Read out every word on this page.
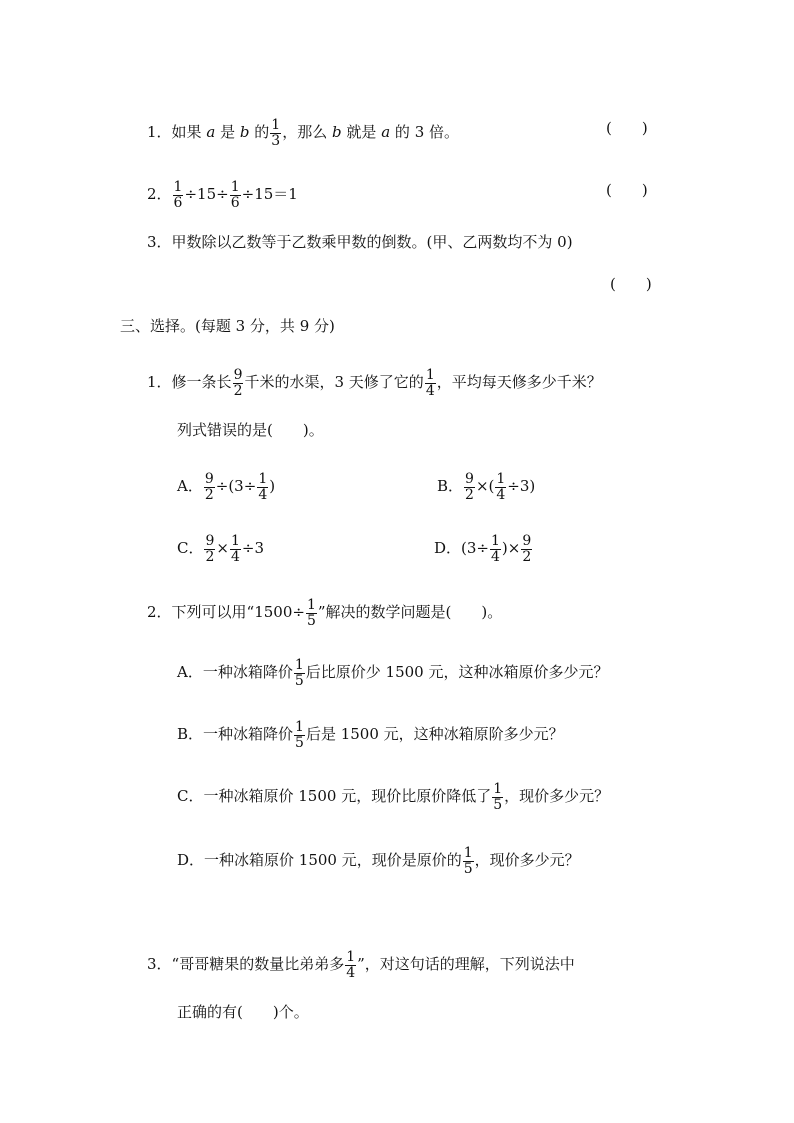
1．如果 a 是 b 的 $\frac{1}{3}$ ，那么 b 就是 a 的 3 倍。	(　　)
2． $\frac{1}{6} \div 15\div \frac{1}{6} \div 15=1$	(　　)
3．甲数除以乙数等于乙数乘甲数的倒数。(甲、乙两数均不为 0)
(　　)
三、选择。(每题 3 分，共 9 分)
1．修一条长 $\frac{9}{2}$ 千米的水渠，3 天修了它的 $\frac{1}{4}$ ，平均每天修多少千米？
列式错误的是(　　)。
A． $\frac{9}{2} \div(3\div \frac{1}{4}$ )	B． $\frac{9}{2}$ ×( $\frac{1}{4} \div 3$)
C． $\frac{9}{2} \times \frac{1}{4} \div 3$	D．($3\div \frac{1}{4}$ )× $\frac{9}{2}$
2．下列可以用“$1500\div \frac{1}{5}$ ”解决的数学问题是(　　)。
A．一种冰箱降价 $\frac{1}{5}$ 后比原价少 1500 元，这种冰箱原价多少元？
B．一种冰箱降价 $\frac{1}{5}$ 后是 1500 元，这种冰箱原阶多少元？
C．一种冰箱原价 1500 元，现价比原价降低了 $\frac{1}{5}$ ，现价多少元？
D．一种冰箱原价 1500 元，现价是原价的 $\frac{1}{5}$ ，现价多少元？
3．“哥哥糖果的数量比弟弟多 $\frac{1}{4}$ ”，对这句话的理解，下列说法中
正确的有(　　)个。
